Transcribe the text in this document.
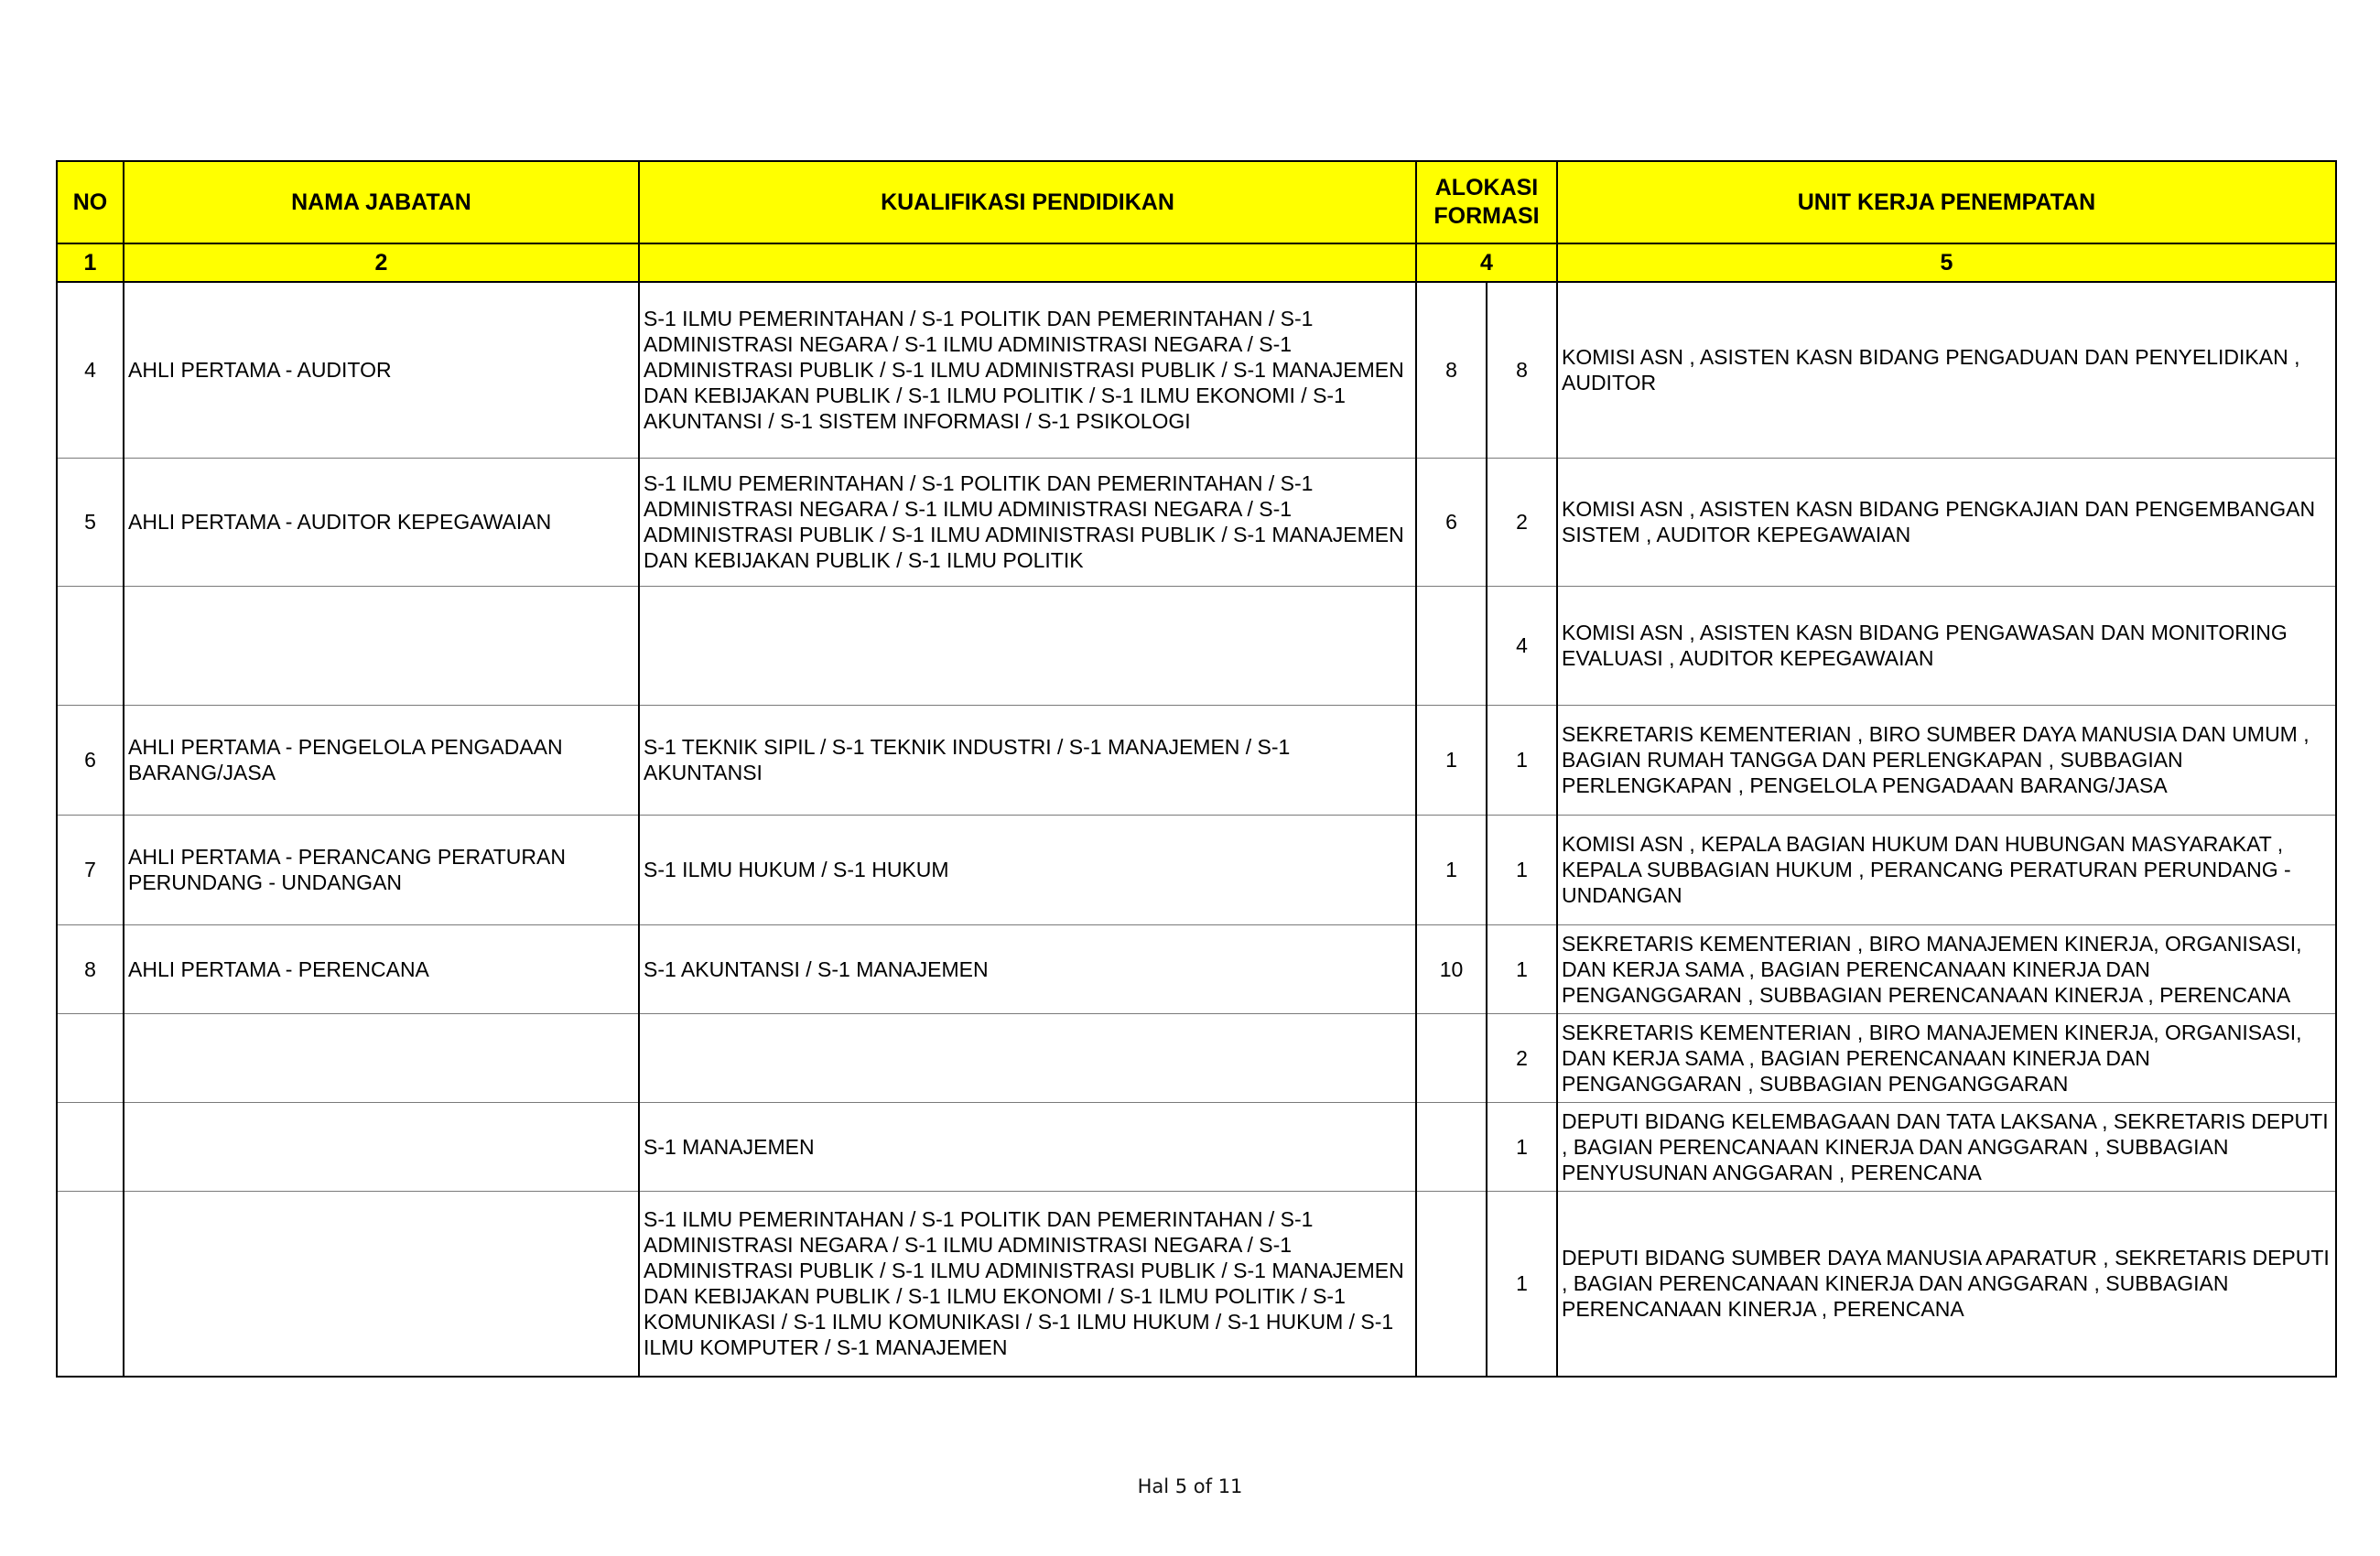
NO	NAMA JABATAN	KUALIFIKASI PENDIDIKAN	ALOKASI FORMASI		UNIT KERJA PENEMPATAN
1	2		4		5
4	AHLI PERTAMA - AUDITOR	S-1 ILMU PEMERINTAHAN / S-1 POLITIK DAN PEMERINTAHAN / S-1 ADMINISTRASI NEGARA / S-1 ILMU ADMINISTRASI NEGARA / S-1 ADMINISTRASI PUBLIK / S-1 ILMU ADMINISTRASI PUBLIK / S-1 MANAJEMEN DAN KEBIJAKAN PUBLIK / S-1 ILMU POLITIK / S-1 ILMU EKONOMI / S-1 AKUNTANSI / S-1 SISTEM INFORMASI / S-1 PSIKOLOGI	8	8	KOMISI ASN , ASISTEN KASN BIDANG PENGADUAN DAN PENYELIDIKAN , AUDITOR
5	AHLI PERTAMA - AUDITOR KEPEGAWAIAN	S-1 ILMU PEMERINTAHAN / S-1 POLITIK DAN PEMERINTAHAN / S-1 ADMINISTRASI NEGARA / S-1 ILMU ADMINISTRASI NEGARA / S-1 ADMINISTRASI PUBLIK / S-1 ILMU ADMINISTRASI PUBLIK / S-1 MANAJEMEN DAN KEBIJAKAN PUBLIK / S-1 ILMU POLITIK	6	2	KOMISI ASN , ASISTEN KASN BIDANG PENGKAJIAN DAN PENGEMBANGAN SISTEM , AUDITOR KEPEGAWAIAN
				4	KOMISI ASN , ASISTEN KASN BIDANG PENGAWASAN DAN MONITORING EVALUASI , AUDITOR KEPEGAWAIAN
6	AHLI PERTAMA - PENGELOLA PENGADAAN BARANG/JASA	S-1 TEKNIK SIPIL / S-1 TEKNIK INDUSTRI / S-1 MANAJEMEN / S-1 AKUNTANSI	1	1	SEKRETARIS KEMENTERIAN , BIRO SUMBER DAYA MANUSIA DAN UMUM , BAGIAN RUMAH TANGGA DAN PERLENGKAPAN , SUBBAGIAN PERLENGKAPAN , PENGELOLA PENGADAAN BARANG/JASA
7	AHLI PERTAMA - PERANCANG PERATURAN PERUNDANG - UNDANGAN	S-1 ILMU HUKUM / S-1 HUKUM	1	1	KOMISI ASN , KEPALA BAGIAN HUKUM DAN HUBUNGAN MASYARAKAT , KEPALA SUBBAGIAN HUKUM , PERANCANG PERATURAN PERUNDANG - UNDANGAN
8	AHLI PERTAMA - PERENCANA	S-1 AKUNTANSI / S-1 MANAJEMEN	10	1	SEKRETARIS KEMENTERIAN , BIRO MANAJEMEN KINERJA, ORGANISASI, DAN KERJA SAMA , BAGIAN PERENCANAAN KINERJA DAN PENGANGGARAN , SUBBAGIAN PERENCANAAN KINERJA , PERENCANA
				2	SEKRETARIS KEMENTERIAN , BIRO MANAJEMEN KINERJA, ORGANISASI, DAN KERJA SAMA , BAGIAN PERENCANAAN KINERJA DAN PENGANGGARAN , SUBBAGIAN PENGANGGARAN
		S-1 MANAJEMEN		1	DEPUTI BIDANG KELEMBAGAAN DAN TATA LAKSANA , SEKRETARIS DEPUTI , BAGIAN PERENCANAAN KINERJA DAN ANGGARAN , SUBBAGIAN PENYUSUNAN ANGGARAN , PERENCANA
		S-1 ILMU PEMERINTAHAN / S-1 POLITIK DAN PEMERINTAHAN / S-1 ADMINISTRASI NEGARA / S-1 ILMU ADMINISTRASI NEGARA / S-1 ADMINISTRASI PUBLIK / S-1 ILMU ADMINISTRASI PUBLIK / S-1 MANAJEMEN DAN KEBIJAKAN PUBLIK / S-1 ILMU EKONOMI / S-1 ILMU POLITIK / S-1 KOMUNIKASI / S-1 ILMU KOMUNIKASI / S-1 ILMU HUKUM / S-1 HUKUM / S-1 ILMU KOMPUTER / S-1 MANAJEMEN		1	DEPUTI BIDANG SUMBER DAYA MANUSIA APARATUR , SEKRETARIS DEPUTI , BAGIAN PERENCANAAN KINERJA DAN ANGGARAN , SUBBAGIAN PERENCANAAN KINERJA , PERENCANA
Hal 5 of 11
